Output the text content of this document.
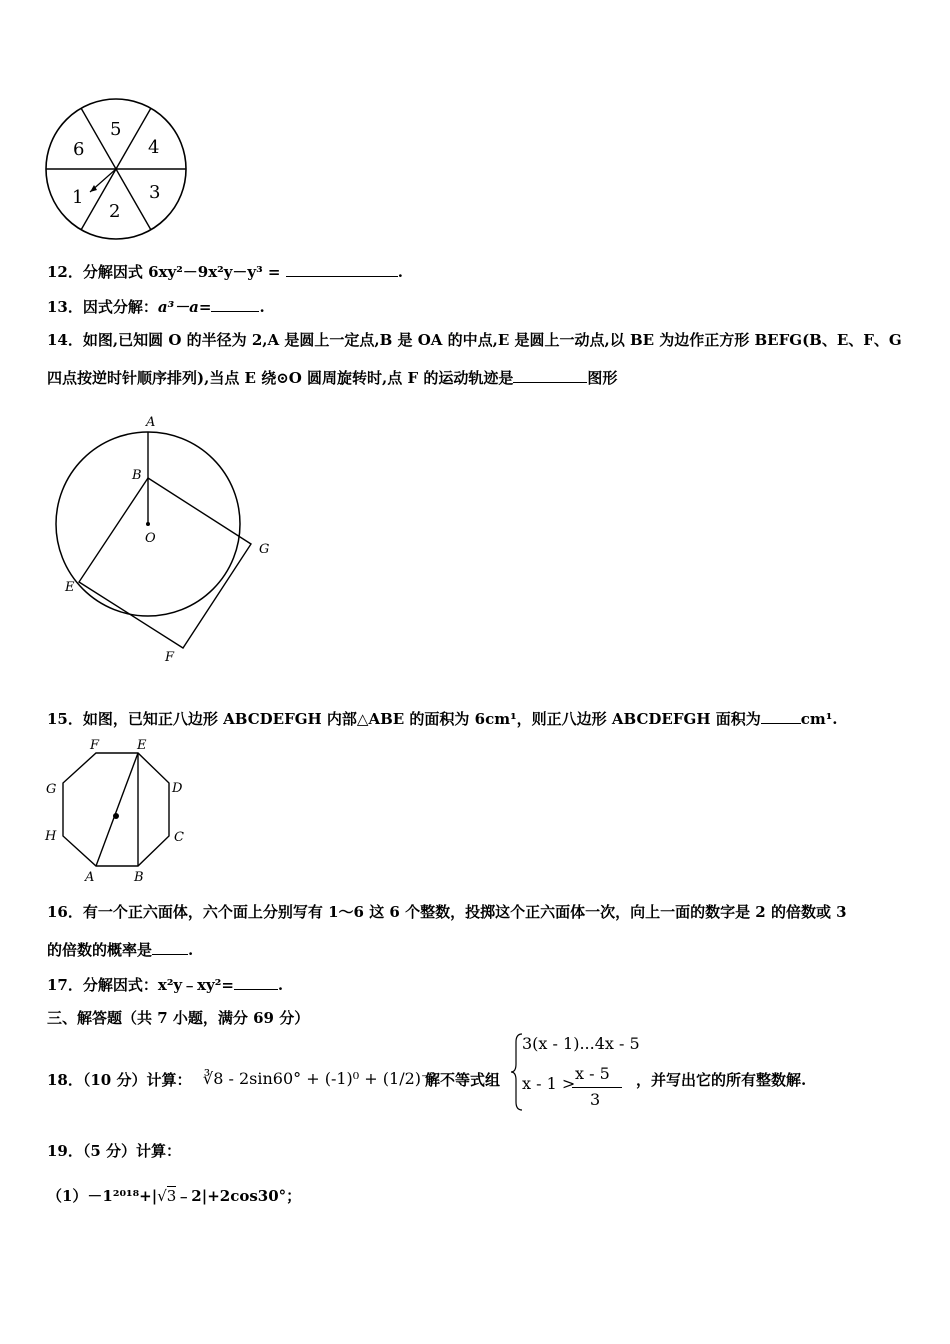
1
2
3
4
5
6
12．分解因式 6xy²－9x²y－y³ =	.
13．因式分解：a³－a=	.
14．如图,已知圆 O 的半径为 2,A 是圆上一定点,B 是 OA 的中点,E 是圆上一动点,以 BE 为边作正方形 BEFG(B、E、F、G
四点按逆时针顺序排列),当点 E 绕⊙O 圆周旋转时,点 F 的运动轨迹是	图形
A
B
O
G
E
F
15．如图，已知正八边形 ABCDEFGH 内部△ABE 的面积为 6cm¹，则正八边形 ABCDEFGH 面积为	cm¹.
F	E
D
C
B
A
H
G
16．有一个正六面体，六个面上分别写有 1～6 这 6 个整数，投掷这个正六面体一次，向上一面的数字是 2 的倍数或 3
的倍数的概率是 .
17．分解因式：x²y﹣xy²=	.
三、解答题（共 7 小题，满分 69 分）
18．（10 分）计算： ∛8 - 2sin60° + (-1)⁰ + (1/2)⁻²
解不等式组
3(x - 1)...4x - 5
x - 1 >
x - 5
3
，并写出它的所有整数解.
19．（5 分）计算：
（1）－1²⁰¹⁸+|√3﹣2|+2cos30°；
